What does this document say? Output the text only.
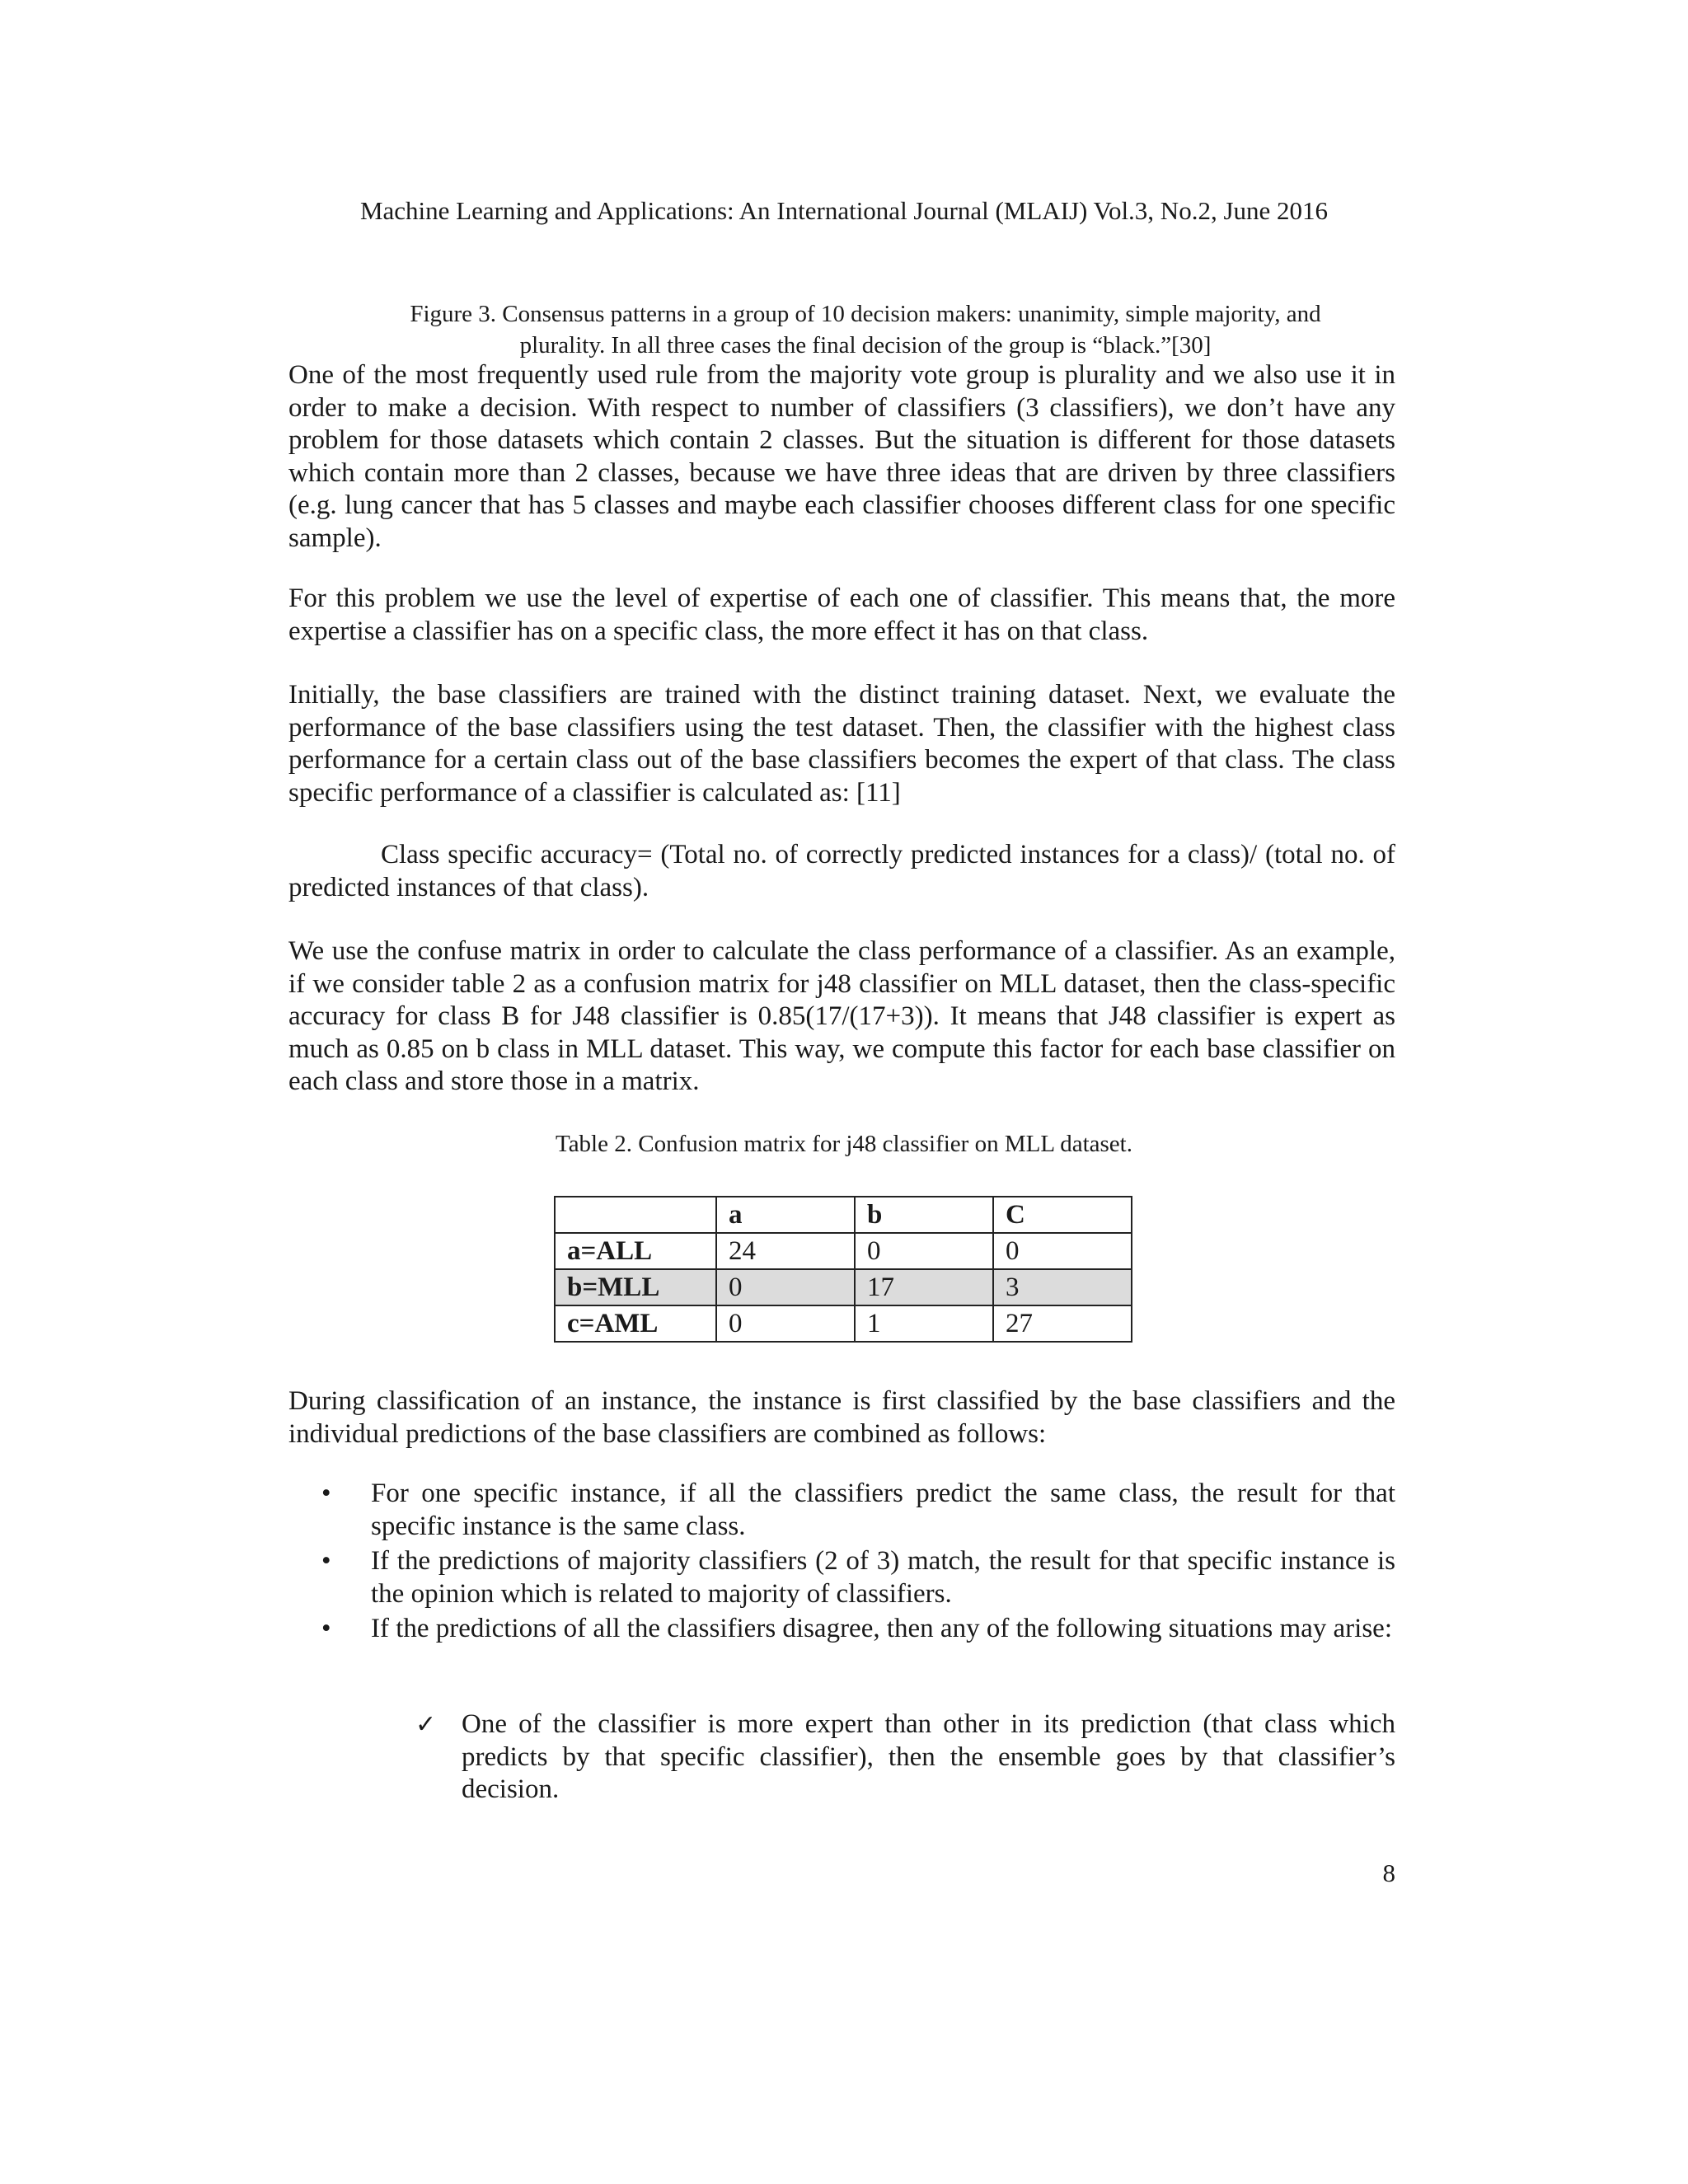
Machine Learning and Applications: An International Journal (MLAIJ) Vol.3, No.2, June 2016
Figure 3. Consensus patterns in a group of 10 decision makers: unanimity, simple majority, and
plurality. In all three cases the final decision of the group is “black.”[30]
One of the most frequently used rule from the majority vote group is plurality and we also use it in order to make a decision. With respect to number of classifiers (3 classifiers), we don’t have any problem for those datasets which contain 2 classes. But the situation is different for those datasets which contain more than 2 classes, because we have three ideas that are driven by three classifiers (e.g. lung cancer that has 5 classes and maybe each classifier chooses different class for one specific sample).
For this problem we use the level of expertise of each one of classifier. This means that, the more expertise a classifier has on a specific class, the more effect it has on that class.
Initially, the base classifiers are trained with the distinct training dataset. Next, we evaluate the performance of the base classifiers using the test dataset. Then, the classifier with the highest class performance for a certain class out of the base classifiers becomes the expert of that class. The class specific performance of a classifier is calculated as: [11]
Class specific accuracy= (Total no. of correctly predicted instances for a class)/ (total no. of predicted instances of that class).
We use the confuse matrix in order to calculate the class performance of a classifier. As an example, if we consider table 2 as a confusion matrix for j48 classifier on MLL dataset, then the class-specific accuracy for class B for J48 classifier is 0.85(17/(17+3)). It means that J48 classifier is expert as much as 0.85 on b class in MLL dataset. This way, we compute this factor for each base classifier on each class and store those in a matrix.
Table 2. Confusion matrix for j48 classifier on MLL dataset.
	a	b	C
a=ALL	24	0	0
b=MLL	0	17	3
c=AML	0	1	27
During classification of an instance, the instance is first classified by the base classifiers and the individual predictions of the base classifiers are combined as follows:
• For one specific instance, if all the classifiers predict the same class, the result for that specific instance is the same class.
• If the predictions of majority classifiers (2 of 3) match, the result for that specific instance is the opinion which is related to majority of classifiers.
• If the predictions of all the classifiers disagree, then any of the following situations may arise:
✓ One of the classifier is more expert than other in its prediction (that class which predicts by that specific classifier), then the ensemble goes by that classifier’s decision.
8
